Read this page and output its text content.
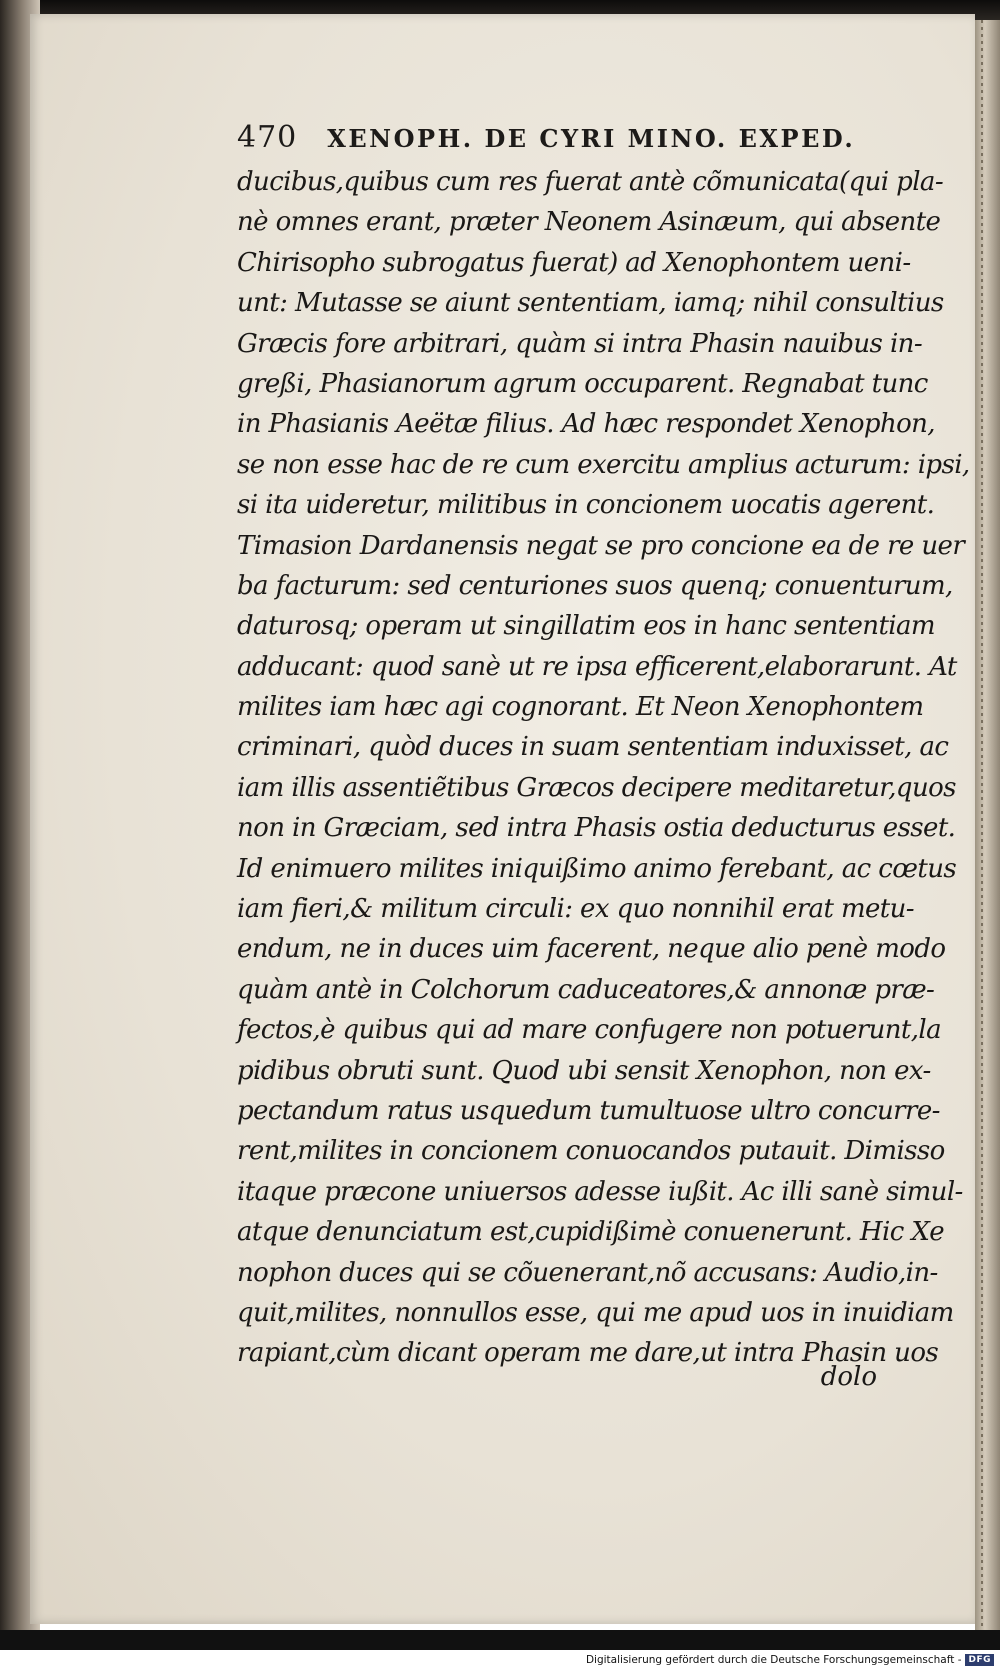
470 XENOPH. DE CYRI MINO. EXPED.
ducibus,quibus cum res fuerat antè cõmunicata(qui pla-
nè omnes erant, præter Neonem Asinæum, qui absente
Chirisopho subrogatus fuerat) ad Xenophontem ueni-
unt: Mutasse se aiunt sententiam, iamq; nihil consultius
Græcis fore arbitrari, quàm si intra Phasin nauibus in-
greßi, Phasianorum agrum occuparent. Regnabat tunc
in Phasianis Aeëtæ filius. Ad hæc respondet Xenophon,
se non esse hac de re cum exercitu amplius acturum: ipsi,
si ita uideretur, militibus in concionem uocatis agerent.
Timasion Dardanensis negat se pro concione ea de re uer
ba facturum: sed centuriones suos quenq; conuenturum,
daturosq; operam ut singillatim eos in hanc sententiam
adducant: quod sanè ut re ipsa efficerent,elaborarunt. At
milites iam hæc agi cognorant. Et Neon Xenophontem
criminari, quòd duces in suam sententiam induxisset, ac
iam illis assentiẽtibus Græcos decipere meditaretur,quos
non in Græciam, sed intra Phasis ostia deducturus esset.
Id enimuero milites iniquißimo animo ferebant, ac cœtus
iam fieri,& militum circuli: ex quo nonnihil erat metu-
endum, ne in duces uim facerent, neque alio penè modo
quàm antè in Colchorum caduceatores,& annonæ præ-
fectos,è quibus qui ad mare confugere non potuerunt,la
pidibus obruti sunt. Quod ubi sensit Xenophon, non ex-
pectandum ratus usquedum tumultuose ultro concurre-
rent,milites in concionem conuocandos putauit. Dimisso
itaque præcone uniuersos adesse iußit. Ac illi sanè simul-
atque denunciatum est,cupidißimè conuenerunt. Hic Xe
nophon duces qui se cõuenerant,nõ accusans: Audio,in-
quit,milites, nonnullos esse, qui me apud uos in inuidiam
rapiant,cùm dicant operam me dare,ut intra Phasin uos
dolo
Digitalisierung gefördert durch die Deutsche Forschungsgemeinschaft - DFG
